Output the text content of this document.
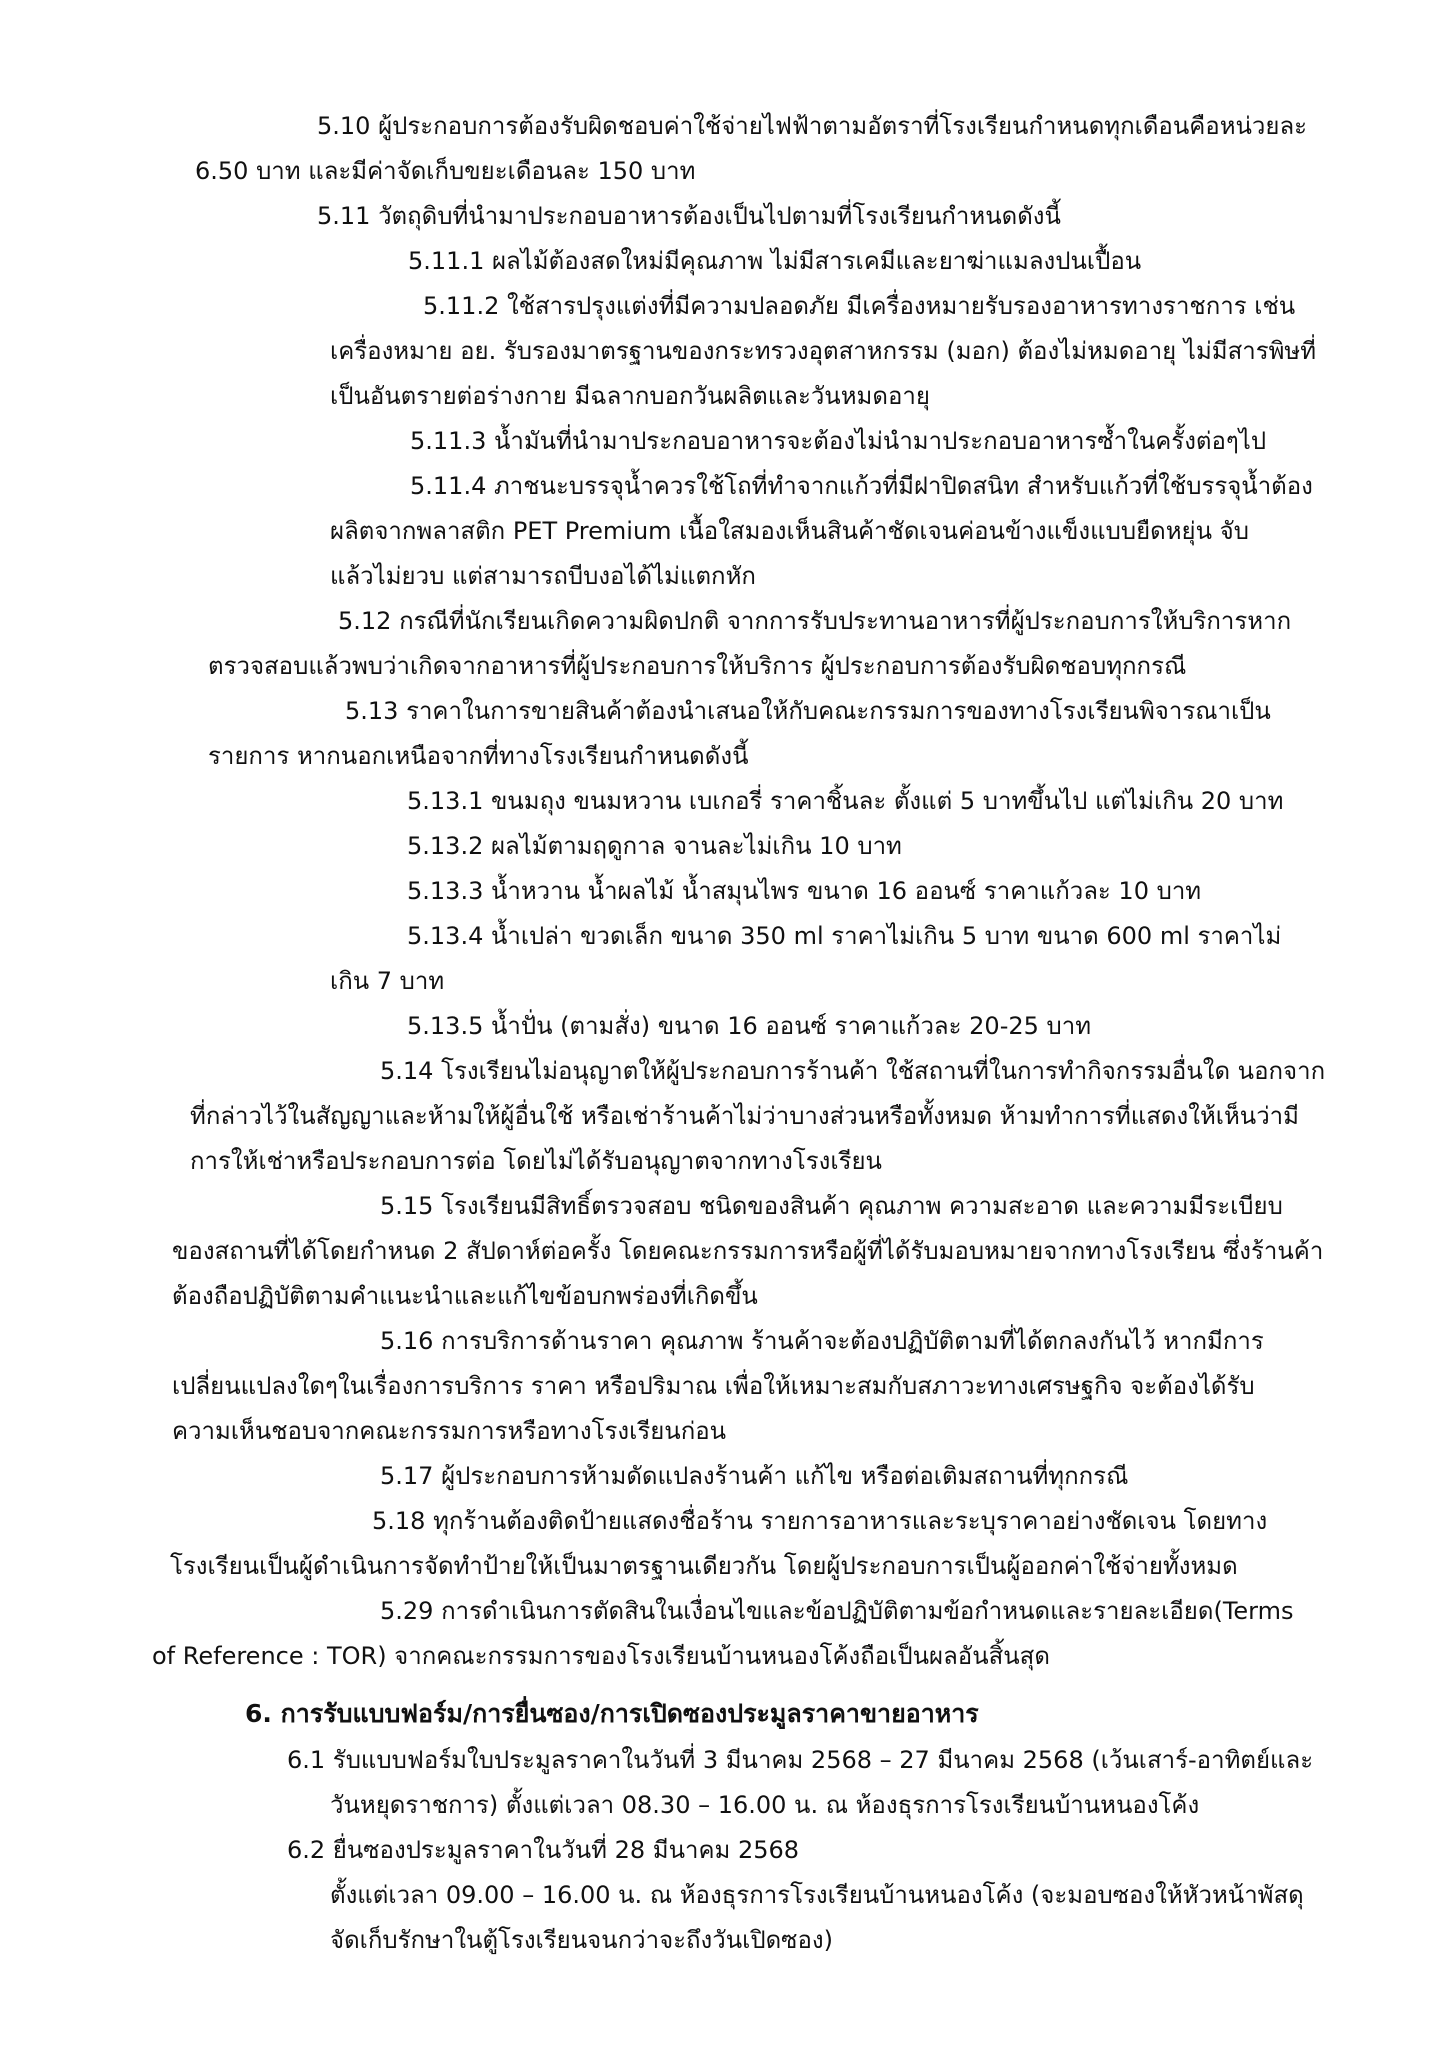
5.10 ผู้ประกอบการต้องรับผิดชอบค่าใช้จ่ายไฟฟ้าตามอัตราที่โรงเรียนกำหนดทุกเดือนคือหน่วยละ
6.50 บาท และมีค่าจัดเก็บขยะเดือนละ 150 บาท
5.11 วัตถุดิบที่นำมาประกอบอาหารต้องเป็นไปตามที่โรงเรียนกำหนดดังนี้
5.11.1 ผลไม้ต้องสดใหม่มีคุณภาพ ไม่มีสารเคมีและยาฆ่าแมลงปนเปื้อน
5.11.2 ใช้สารปรุงแต่งที่มีความปลอดภัย มีเครื่องหมายรับรองอาหารทางราชการ เช่น
เครื่องหมาย อย. รับรองมาตรฐานของกระทรวงอุตสาหกรรม (มอก) ต้องไม่หมดอายุ ไม่มีสารพิษที่
เป็นอันตรายต่อร่างกาย มีฉลากบอกวันผลิตและวันหมดอายุ
5.11.3 น้ำมันที่นำมาประกอบอาหารจะต้องไม่นำมาประกอบอาหารซ้ำในครั้งต่อๆไป
5.11.4 ภาชนะบรรจุน้ำควรใช้โถที่ทำจากแก้วที่มีฝาปิดสนิท สำหรับแก้วที่ใช้บรรจุน้ำต้อง
ผลิตจากพลาสติก PET Premium เนื้อใสมองเห็นสินค้าชัดเจนค่อนข้างแข็งแบบยืดหยุ่น จับ
แล้วไม่ยวบ แต่สามารถบีบงอได้ไม่แตกหัก
5.12 กรณีที่นักเรียนเกิดความผิดปกติ จากการรับประทานอาหารที่ผู้ประกอบการให้บริการหาก
ตรวจสอบแล้วพบว่าเกิดจากอาหารที่ผู้ประกอบการให้บริการ ผู้ประกอบการต้องรับผิดชอบทุกกรณี
5.13 ราคาในการขายสินค้าต้องนำเสนอให้กับคณะกรรมการของทางโรงเรียนพิจารณาเป็น
รายการ หากนอกเหนือจากที่ทางโรงเรียนกำหนดดังนี้
5.13.1 ขนมถุง ขนมหวาน เบเกอรี่ ราคาชิ้นละ ตั้งแต่ 5 บาทขึ้นไป แต่ไม่เกิน 20 บาท
5.13.2 ผลไม้ตามฤดูกาล จานละไม่เกิน 10 บาท
5.13.3 น้ำหวาน น้ำผลไม้ น้ำสมุนไพร ขนาด 16 ออนซ์ ราคาแก้วละ 10 บาท
5.13.4 น้ำเปล่า ขวดเล็ก ขนาด 350 ml ราคาไม่เกิน 5 บาท ขนาด 600 ml ราคาไม่
เกิน 7 บาท
5.13.5 น้ำปั่น (ตามสั่ง) ขนาด 16 ออนซ์ ราคาแก้วละ 20-25 บาท
5.14 โรงเรียนไม่อนุญาตให้ผู้ประกอบการร้านค้า ใช้สถานที่ในการทำกิจกรรมอื่นใด นอกจาก
ที่กล่าวไว้ในสัญญาและห้ามให้ผู้อื่นใช้ หรือเช่าร้านค้าไม่ว่าบางส่วนหรือทั้งหมด ห้ามทำการที่แสดงให้เห็นว่ามี
การให้เช่าหรือประกอบการต่อ โดยไม่ได้รับอนุญาตจากทางโรงเรียน
5.15 โรงเรียนมีสิทธิ์ตรวจสอบ ชนิดของสินค้า คุณภาพ ความสะอาด และความมีระเบียบ
ของสถานที่ได้โดยกำหนด 2 สัปดาห์ต่อครั้ง โดยคณะกรรมการหรือผู้ที่ได้รับมอบหมายจากทางโรงเรียน ซึ่งร้านค้า
ต้องถือปฏิบัติตามคำแนะนำและแก้ไขข้อบกพร่องที่เกิดขึ้น
5.16 การบริการด้านราคา คุณภาพ ร้านค้าจะต้องปฏิบัติตามที่ได้ตกลงกันไว้ หากมีการ
เปลี่ยนแปลงใดๆในเรื่องการบริการ ราคา หรือปริมาณ เพื่อให้เหมาะสมกับสภาวะทางเศรษฐกิจ จะต้องได้รับ
ความเห็นชอบจากคณะกรรมการหรือทางโรงเรียนก่อน
5.17 ผู้ประกอบการห้ามดัดแปลงร้านค้า แก้ไข หรือต่อเติมสถานที่ทุกกรณี
5.18 ทุกร้านต้องติดป้ายแสดงชื่อร้าน รายการอาหารและระบุราคาอย่างชัดเจน โดยทาง
โรงเรียนเป็นผู้ดำเนินการจัดทำป้ายให้เป็นมาตรฐานเดียวกัน โดยผู้ประกอบการเป็นผู้ออกค่าใช้จ่ายทั้งหมด
5.29 การดำเนินการตัดสินในเงื่อนไขและข้อปฏิบัติตามข้อกำหนดและรายละเอียด(Terms
of Reference : TOR) จากคณะกรรมการของโรงเรียนบ้านหนองโค้งถือเป็นผลอันสิ้นสุด
6. การรับแบบฟอร์ม/การยื่นซอง/การเปิดซองประมูลราคาขายอาหาร
6.1 รับแบบฟอร์มใบประมูลราคาในวันที่ 3 มีนาคม 2568 – 27 มีนาคม 2568 (เว้นเสาร์-อาทิตย์และ
วันหยุดราชการ) ตั้งแต่เวลา 08.30 – 16.00 น. ณ ห้องธุรการโรงเรียนบ้านหนองโค้ง
6.2 ยื่นซองประมูลราคาในวันที่ 28 มีนาคม 2568
ตั้งแต่เวลา 09.00 – 16.00 น. ณ ห้องธุรการโรงเรียนบ้านหนองโค้ง (จะมอบซองให้หัวหน้าพัสดุ
จัดเก็บรักษาในตู้โรงเรียนจนกว่าจะถึงวันเปิดซอง)
